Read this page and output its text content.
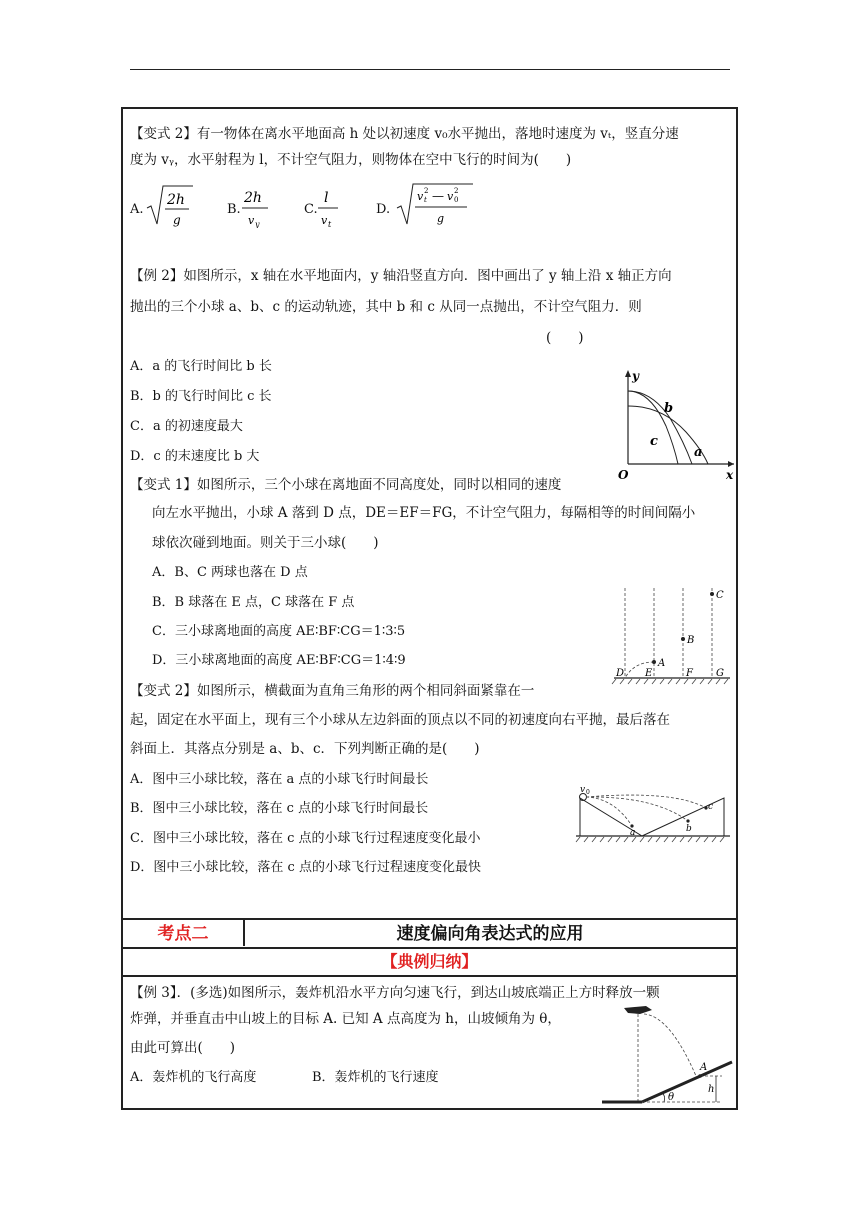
【变式 2】有一物体在离水平地面高 h 处以初速度 v₀水平抛出，落地时速度为 vₜ，竖直分速
度为 vᵧ，水平射程为 l，不计空气阻力，则物体在空中飞行的时间为(　　)
A.
2h
g
B.
2h
v y
C.
l
v t
D.
v t
2 — v 0
2
g
【例 2】如图所示，x 轴在水平地面内，y 轴沿竖直方向．图中画出了 y 轴上沿 x 轴正方向
抛出的三个小球 a、b、c 的运动轨迹，其中 b 和 c 从同一点抛出，不计空气阻力．则
(　　)
A．a 的飞行时间比 b 长
B．b 的飞行时间比 c 长
C．a 的初速度最大
D．c 的末速度比 b 大
y
O	x
b
c
a
【变式 1】如图所示，三个小球在离地面不同高度处，同时以相同的速度
向左水平抛出，小球 A 落到 D 点，DE＝EF＝FG，不计空气阻力，每隔相等的时间间隔小
球依次碰到地面。则关于三小球(　　)
A．B、C 两球也落在 D 点
B．B 球落在 E 点，C 球落在 F 点
C．三小球离地面的高度 AE∶BF∶CG＝1∶3∶5
D．三小球离地面的高度 AE∶BF∶CG＝1∶4∶9	A
B
C
D E	F G
【变式 2】如图所示，横截面为直角三角形的两个相同斜面紧靠在一
起，固定在水平面上，现有三个小球从左边斜面的顶点以不同的初速度向右平抛，最后落在
斜面上．其落点分别是 a、b、c．下列判断正确的是(　　)
A．图中三小球比较，落在 a 点的小球飞行时间最长
B．图中三小球比较，落在 c 点的小球飞行时间最长
C．图中三小球比较，落在 c 点的小球飞行过程速度变化最小
D．图中三小球比较，落在 c 点的小球飞行过程速度变化最快
v 0
a	b
c
考点二	速度偏向角表达式的应用
【典例归纳】
【例 3】．(多选)如图所示，轰炸机沿水平方向匀速飞行，到达山坡底端正上方时释放一颗
炸弹，并垂直击中山坡上的目标 A. 已知 A 点高度为 h，山坡倾角为 θ，
由此可算出(　　)
A．轰炸机的飞行高度	B．轰炸机的飞行速度
A
h
θ
